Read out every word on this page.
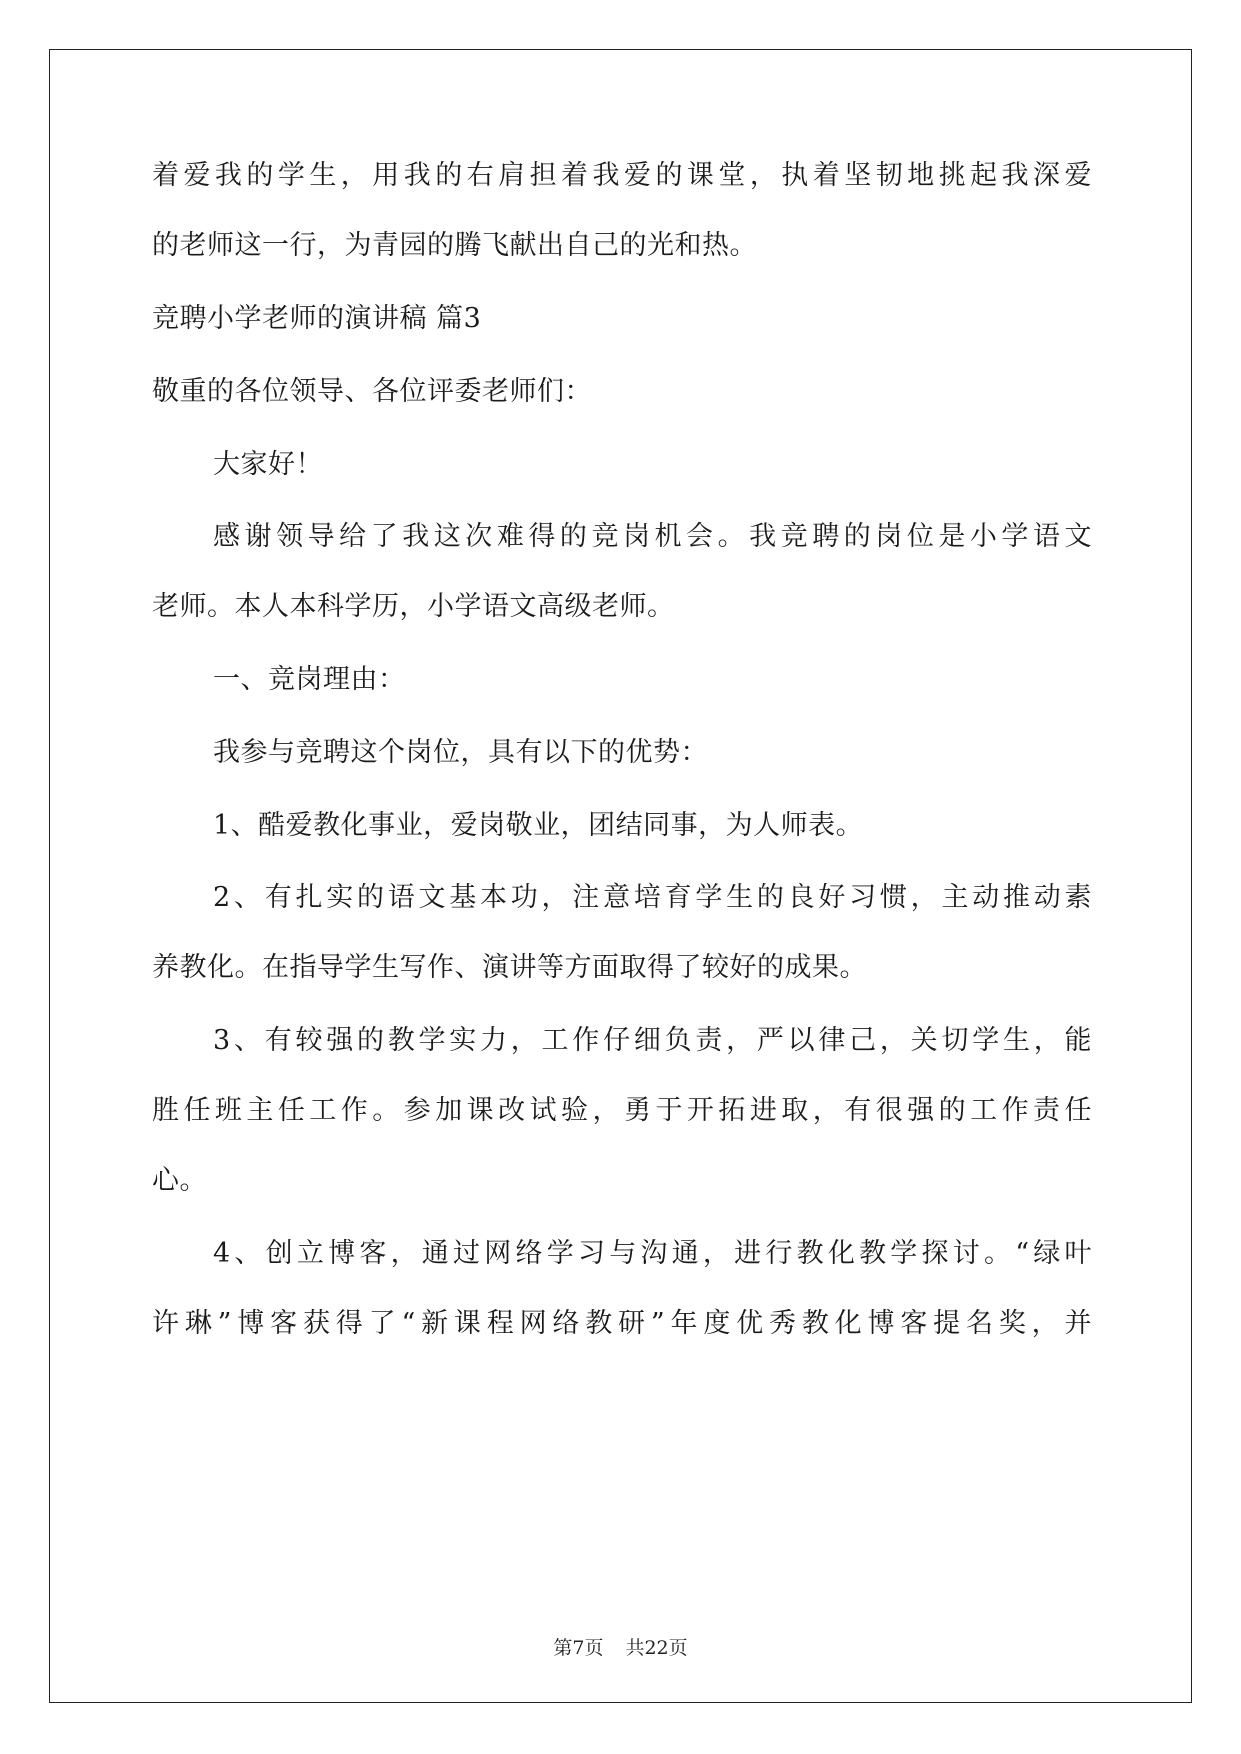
着爱我的学生，用我的右肩担着我爱的课堂，执着坚韧地挑起我深爱
的老师这一行，为青园的腾飞献出自己的光和热。
竞聘小学老师的演讲稿 篇3
敬重的各位领导、各位评委老师们：
大家好！
感谢领导给了我这次难得的竞岗机会。我竞聘的岗位是小学语文
老师。本人本科学历，小学语文高级老师。
一、竞岗理由：
我参与竞聘这个岗位，具有以下的优势：
1、酷爱教化事业，爱岗敬业，团结同事，为人师表。
2、有扎实的语文基本功，注意培育学生的良好习惯，主动推动素
养教化。在指导学生写作、演讲等方面取得了较好的成果。
3、有较强的教学实力，工作仔细负责，严以律己，关切学生，能
胜任班主任工作。参加课改试验，勇于开拓进取，有很强的工作责任
心。
4、创立博客，通过网络学习与沟通，进行教化教学探讨。“绿叶
许琳”博客获得了“新课程网络教研”年度优秀教化博客提名奖，并
第7页 共22页
